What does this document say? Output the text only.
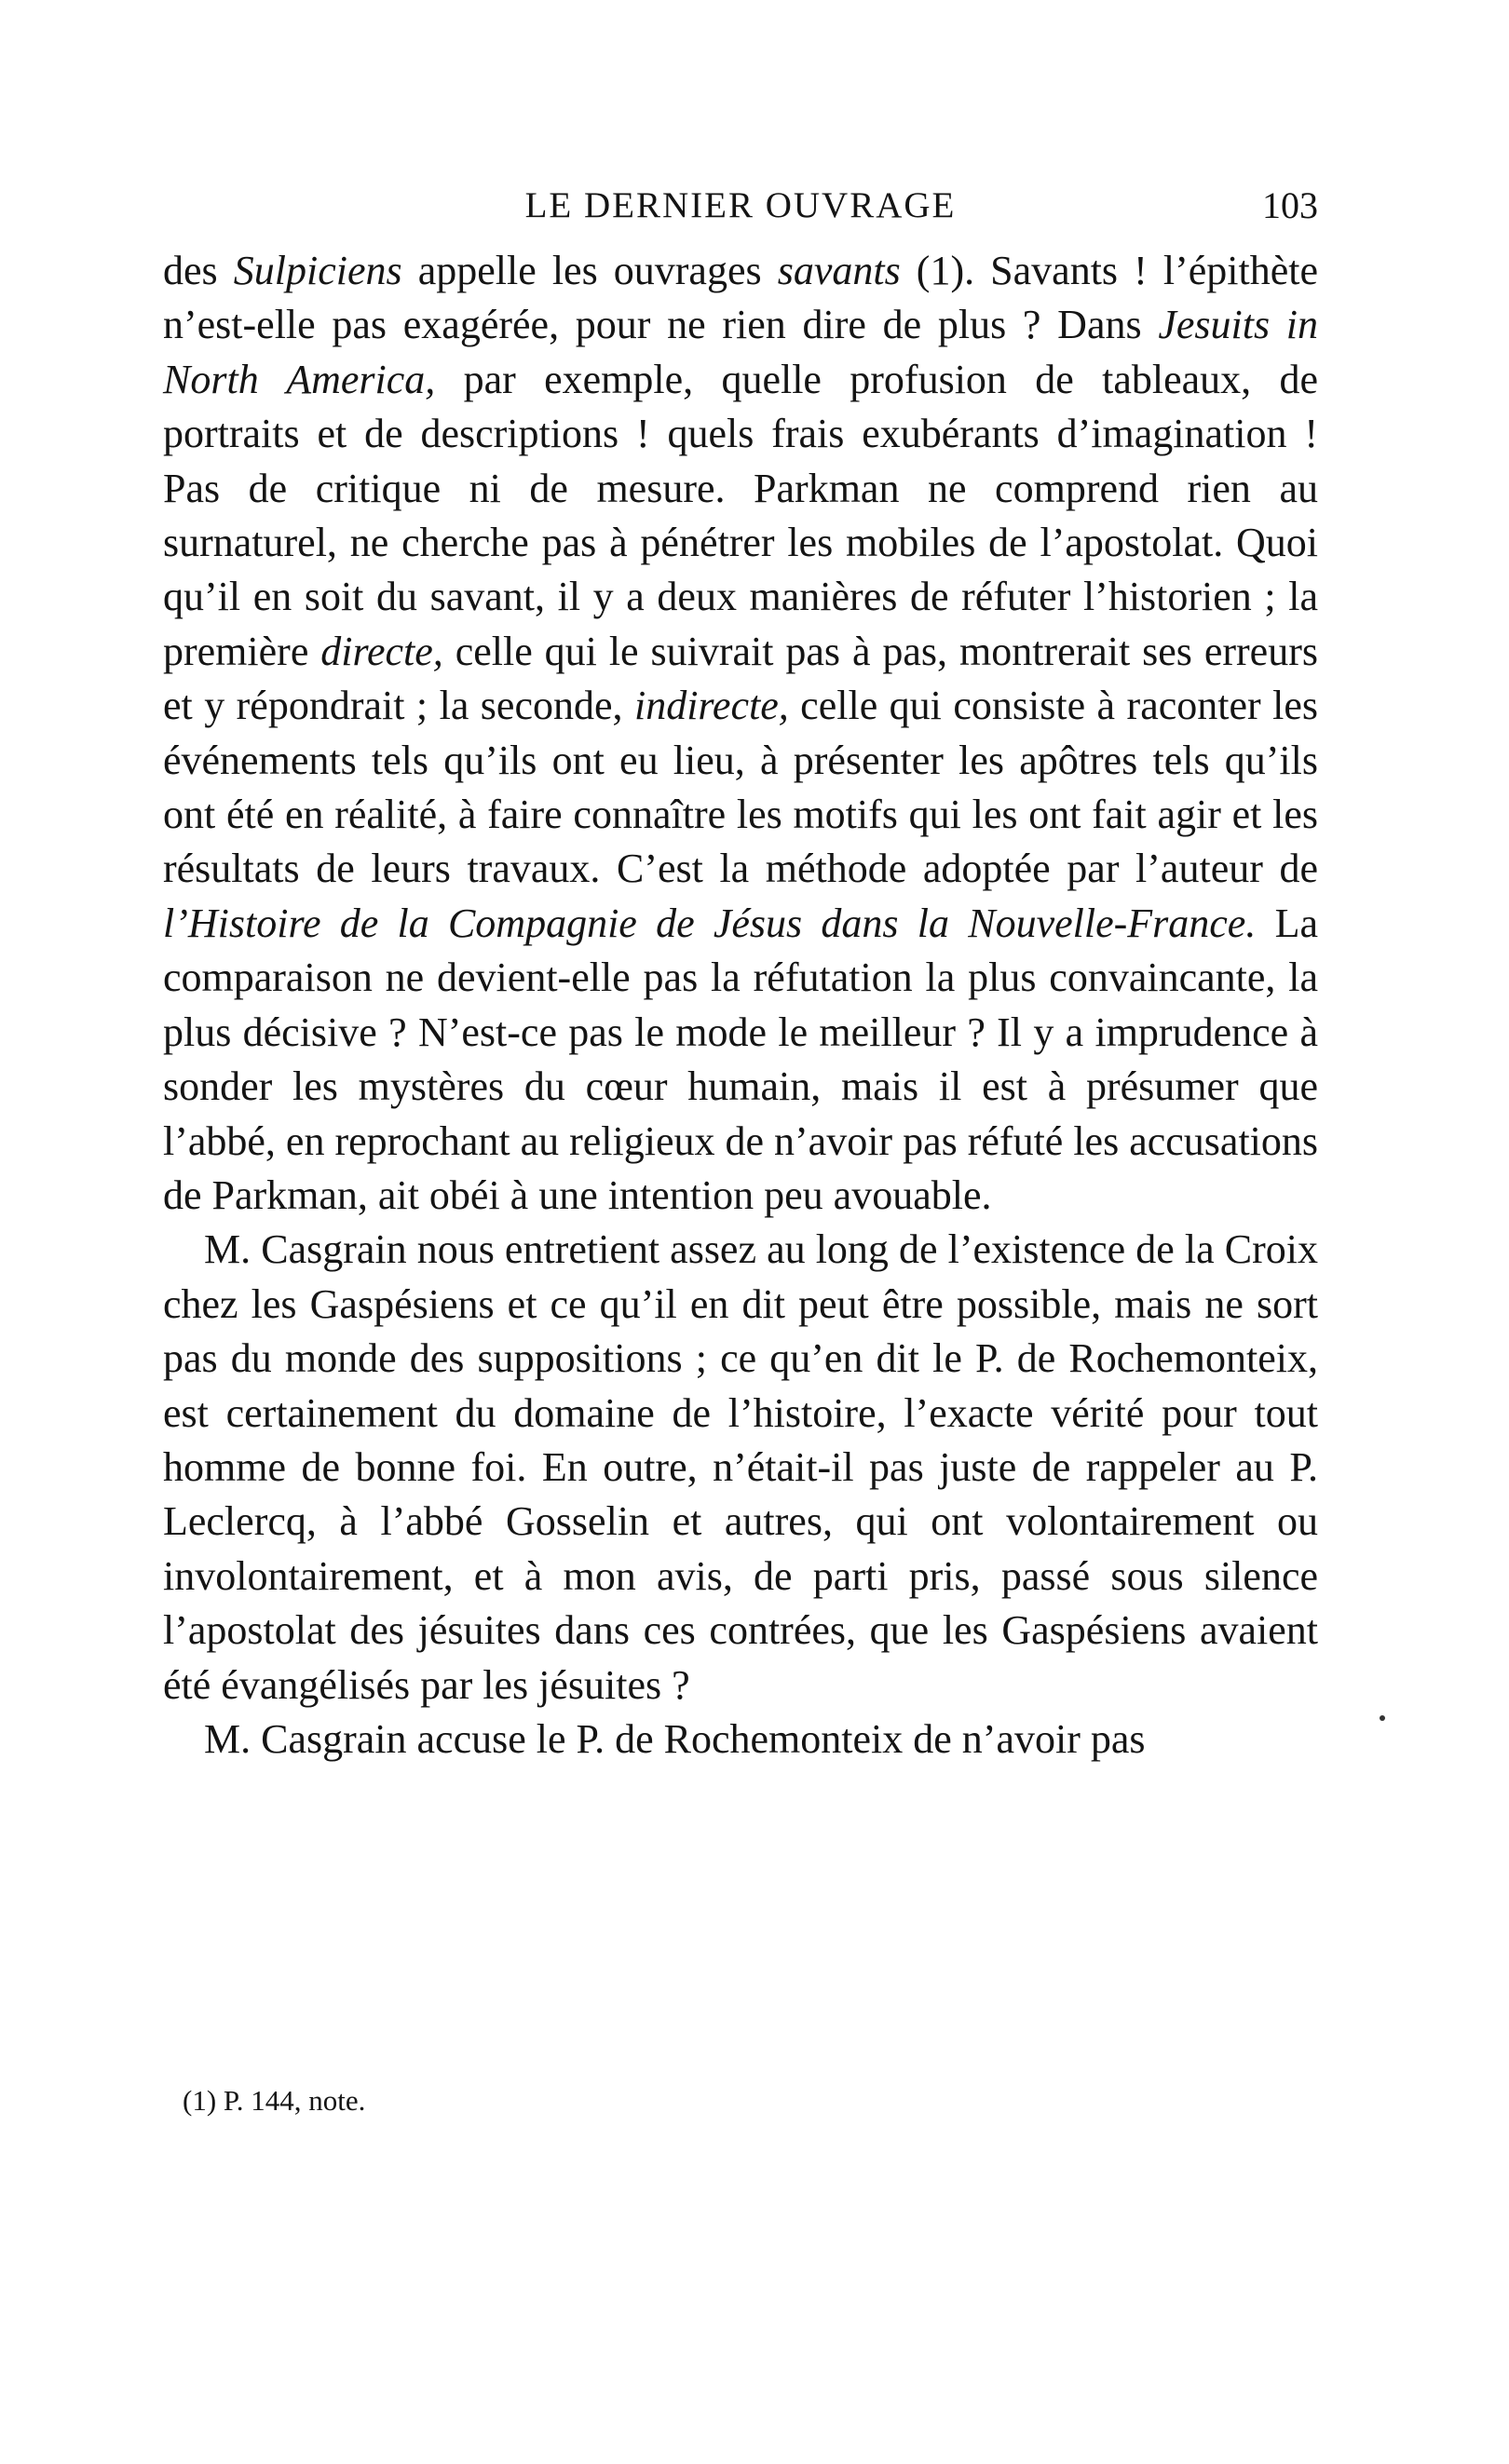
LE DERNIER OUVRAGE	103

des Sulpiciens appelle les ouvrages savants (1). Savants ! l’épithète n’est-elle pas exagérée, pour ne rien dire de plus ? Dans Jesuits in North America, par exemple, quelle profusion de tableaux, de portraits et de descriptions ! quels frais exubérants d’imagination ! Pas de critique ni de mesure. Parkman ne comprend rien au surnaturel, ne cherche pas à pénétrer les mobiles de l’apostolat. Quoi qu’il en soit du savant, il y a deux manières de réfuter l’historien ; la première directe, celle qui le suivrait pas à pas, montrerait ses erreurs et y répondrait ; la seconde, indirecte, celle qui consiste à raconter les événements tels qu’ils ont eu lieu, à présenter les apôtres tels qu’ils ont été en réalité, à faire connaître les motifs qui les ont fait agir et les résultats de leurs travaux. C’est la méthode adoptée par l’auteur de l’Histoire de la Compagnie de Jésus dans la Nouvelle-France. La comparaison ne devient-elle pas la réfutation la plus convaincante, la plus décisive ? N’est-ce pas le mode le meilleur ? Il y a imprudence à sonder les mystères du cœur humain, mais il est à présumer que l’abbé, en reprochant au religieux de n’avoir pas réfuté les accusations de Parkman, ait obéi à une intention peu avouable.

M. Casgrain nous entretient assez au long de l’existence de la Croix chez les Gaspésiens et ce qu’il en dit peut être possible, mais ne sort pas du monde des suppositions ; ce qu’en dit le P. de Rochemonteix, est certainement du domaine de l’histoire, l’exacte vérité pour tout homme de bonne foi. En outre, n’était-il pas juste de rappeler au P. Leclercq, à l’abbé Gosselin et autres, qui ont volontairement ou involontairement, et à mon avis, de parti pris, passé sous silence l’apostolat des jésuites dans ces contrées, que les Gaspésiens avaient été évangélisés par les jésuites ?

M. Casgrain accuse le P. de Rochemonteix de n’avoir pas

(1) P. 144, note.
